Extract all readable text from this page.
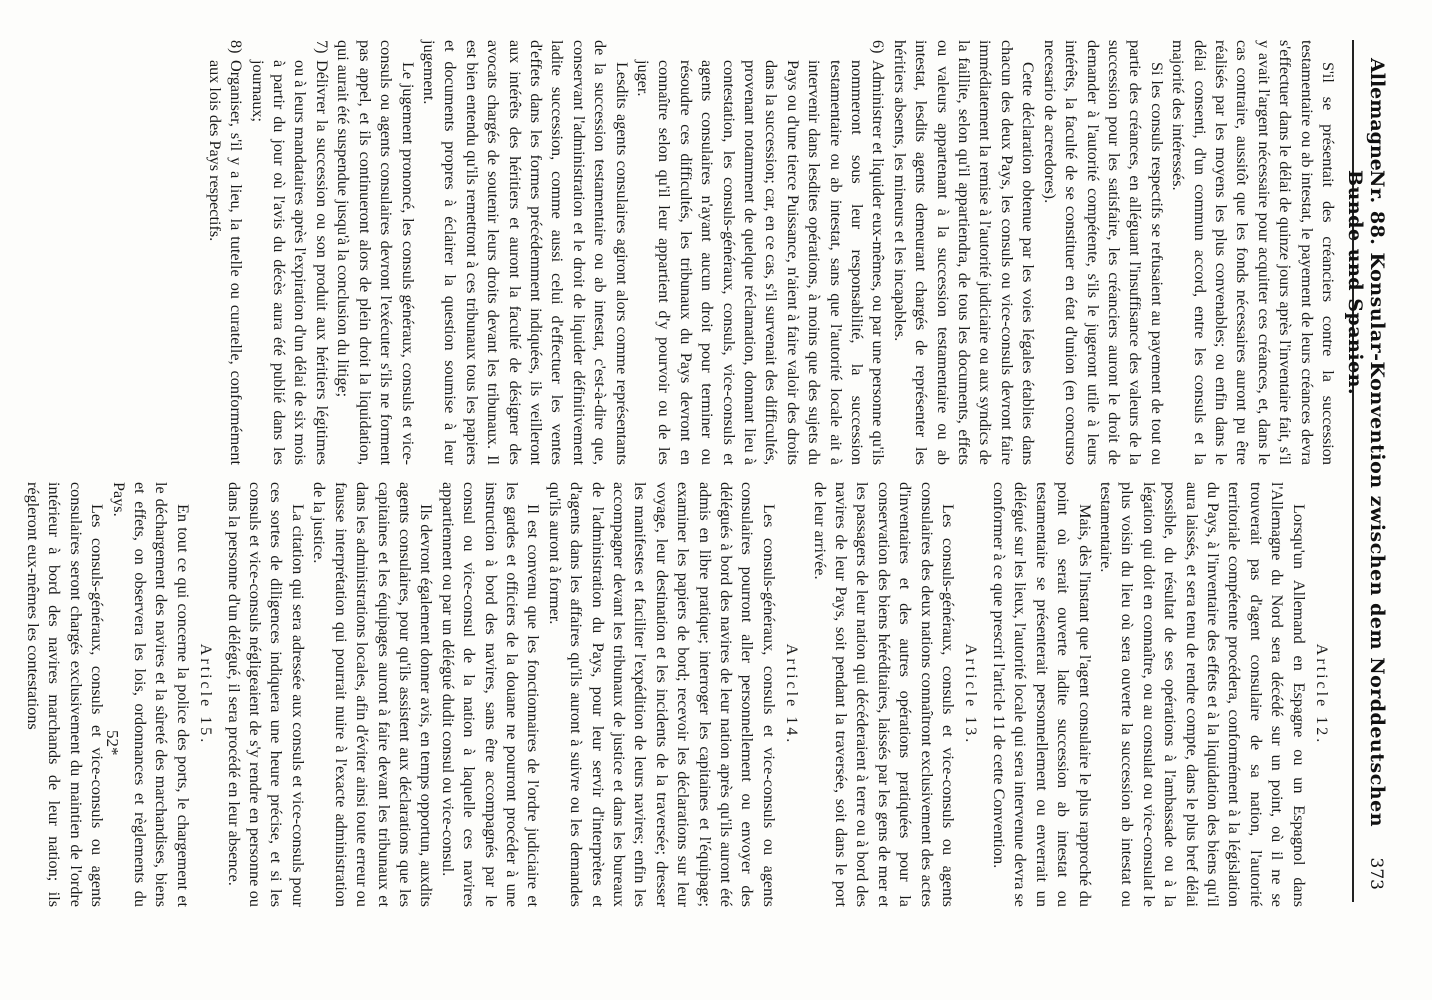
Allemagne
Nr. 88. Konsular-Konvention zwischen dem Norddeutschen Bunde und Spanien.
373

S'il se présentait des créanciers contre la succession testamentaire ou ab intestat, le payement de leurs créances devra s'effectuer dans le délai de quinze jours après l'inventaire fait, s'il y avait l'argent nécessaire pour acquitter ces créances, et, dans le cas contraire, aussitôt que les fonds nécessaires auront pu être réalisés par les moyens les plus convenables; ou enfin dans le délai consenti, d'un commun accord, entre les consuls et la majorité des intéressés.

Si les consuls respectifs se refusaient au payement de tout ou partie des créances, en alléguant l'insuffisance des valeurs de la succession pour les satisfaire, les créanciers auront le droit de demander à l'autorité compétente, s'ils le jugeront utile à leurs intérêts, la faculté de se constituer en état d'union (en concurso necesario de acreedores).

Cette déclaration obtenue par les voies légales établies dans chacun des deux Pays, les consuls ou vice-consuls devront faire immédiatement la remise à l'autorité judiciaire ou aux syndics de la faillite, selon qu'il appartiendra, de tous les documents, effets ou valeurs appartenant à la succession testamentaire ou ab intestat, lesdits agents demeurant chargés de représenter les héritiers absents, les mineurs et les incapables.

6)
Administrer et liquider eux-mêmes, ou par une personne qu'ils nommeront sous leur responsabilité, la succession testamentaire ou ab intestat, sans que l'autorité locale ait à intervenir dans lesdites opérations, à moins que des sujets du Pays ou d'une tierce Puissance, n'aient à faire valoir des droits dans la succession; car, en ce cas, s'il survenait des difficultés, provenant notamment de quelque réclamation, donnant lieu à contestation, les consuls-généraux, consuls, vice-consuls et agents consulaires n'ayant aucun droit pour terminer ou résoudre ces difficultés, les tribunaux du Pays devront en connaître selon qu'il leur appartient d'y pourvoir ou de les juger.

Lesdits agents consulaires agiront alors comme représentants de la succession testamentaire ou ab intestat, c'est-à-dire que, conservant l'administration et le droit de liquider définitivement ladite succession, comme aussi celui d'effectuer les ventes d'effets dans les formes précédemment indiquées, ils veilleront aux intérêts des héritiers et auront la faculté de désigner des avocats chargés de soutenir leurs droits devant les tribunaux. Il est bien entendu qu'ils remettront à ces tribunaux tous les papiers et documents propres à éclairer la question soumise à leur jugement.

Le jugement prononcé, les consuls généraux, consuls et vice-consuls ou agents consulaires devront l'exécuter s'ils ne forment pas appel, et ils continueront alors de plein droit la liquidation, qui aurait été suspendue jusqu'à la conclusion du litige;

7)
Délivrer la succession ou son produit aux héritiers légitimes ou à leurs mandataires après l'expiration d'un délai de six mois à partir du jour où l'avis du décès aura été publié dans les journaux;

8)
Organiser, s'il y a lieu, la tutelle ou curatelle, conformément aux lois des Pays respectifs.

Article 12.

Lorsqu'un Allemand en Espagne ou un Espagnol dans l'Allemagne du Nord sera décédé sur un point, où il ne se trouverait pas d'agent consulaire de sa nation, l'autorité territoriale compétente procédera, conformément à la législation du Pays, à l'inventaire des effets et à la liquidation des biens qu'il aura laissés, et sera tenu de rendre compte, dans le plus bref délai possible, du résultat de ses opérations à l'ambassade ou à la légation qui doit en connaître, ou au consulat ou vice-consulat le plus voisin du lieu où sera ouverte la succession ab intestat ou testamentaire.

Mais, dès l'instant que l'agent consulaire le plus rapproché du point où serait ouverte ladite succession ab intestat ou testamentaire se présenterait personnellement ou enverrait un délégué sur les lieux, l'autorité locale qui sera intervenue devra se conformer à ce que prescrit l'article 11 de cette Convention.

Article 13.

Les consuls-généraux, consuls et vice-consuls ou agents consulaires des deux nations connaîtront exclusivement des actes d'inventaires et des autres opérations pratiquées pour la conservation des biens héréditaires, laissés par les gens de mer et les passagers de leur nation qui décéderaient à terre ou à bord des navires de leur Pays, soit pendant la traversée, soit dans le port de leur arrivée.

Article 14.

Les consuls-généraux, consuls et vice-consuls ou agents consulaires pourront aller personnellement ou envoyer des délégués à bord des navires de leur nation après qu'ils auront été admis en libre pratique; interroger les capitaines et l'équipage; examiner les papiers de bord; recevoir les déclarations sur leur voyage, leur destination et les incidents de la traversée; dresser les manifestes et faciliter l'expédition de leurs navires; enfin les accompagner devant les tribunaux de justice et dans les bureaux de l'administration du Pays, pour leur servir d'interprètes et d'agents dans les affaires qu'ils auront à suivre ou les demandes qu'ils auront à former.

Il est convenu que les fonctionnaires de l'ordre judiciaire et les gardes et officiers de la douane ne pourront procéder à une instruction à bord des navires, sans être accompagnés par le consul ou vice-consul de la nation à laquelle ces navires appartiennent ou par un délégué dudit consul ou vice-consul.

Ils devront également donner avis, en temps opportun, auxdits agents consulaires, pour qu'ils assistent aux déclarations que les capitaines et les équipages auront à faire devant les tribunaux et dans les administrations locales, afin d'éviter ainsi toute erreur ou fausse interprétation qui pourrait nuire à l'exacte administration de la justice.

La citation qui sera adressée aux consuls et vice-consuls pour ces sortes de diligences indiquera une heure précise, et si les consuls et vice-consuls négligeaient de s'y rendre en personne ou dans la personne d'un délégué, il sera procédé en leur absence.

Article 15.

En tout ce qui concerne la police des ports, le chargement et le déchargement des navires et la sûreté des marchandises, biens et effets, on observera les lois, ordonnances et règlements du Pays.

Les consuls-généraux, consuls et vice-consuls ou agents consulaires seront chargés exclusivement du maintien de l'ordre intérieur à bord des navires marchands de leur nation; ils régleront eux-mêmes les contestations

52*
